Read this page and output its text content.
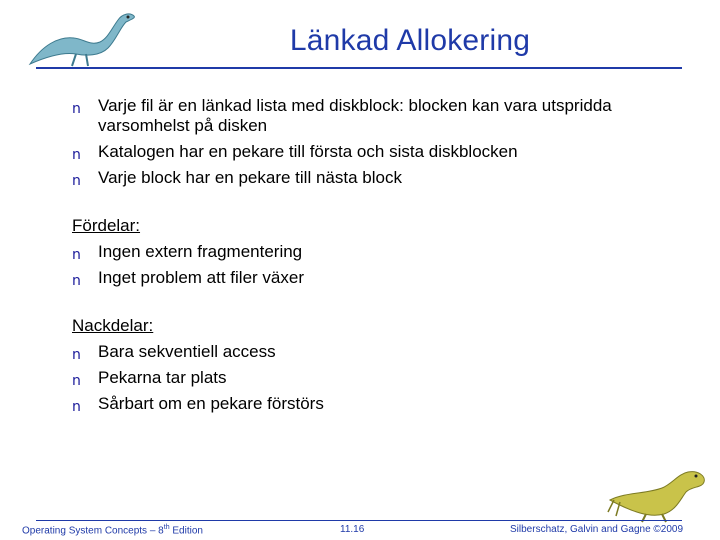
Länkad Allokering
n Varje fil är en länkad lista med diskblock: blocken kan vara utspridda varsomhelst på disken
n Katalogen har en pekare till första och sista diskblocken
n Varje block har en pekare till nästa block
Fördelar:
n Ingen extern fragmentering
n Inget problem att filer växer
Nackdelar:
n Bara sekventiell access
n Pekarna tar plats
n Sårbart om en pekare förstörs
Operating System Concepts – 8th Edition	11.16	Silberschatz, Galvin and Gagne ©2009
